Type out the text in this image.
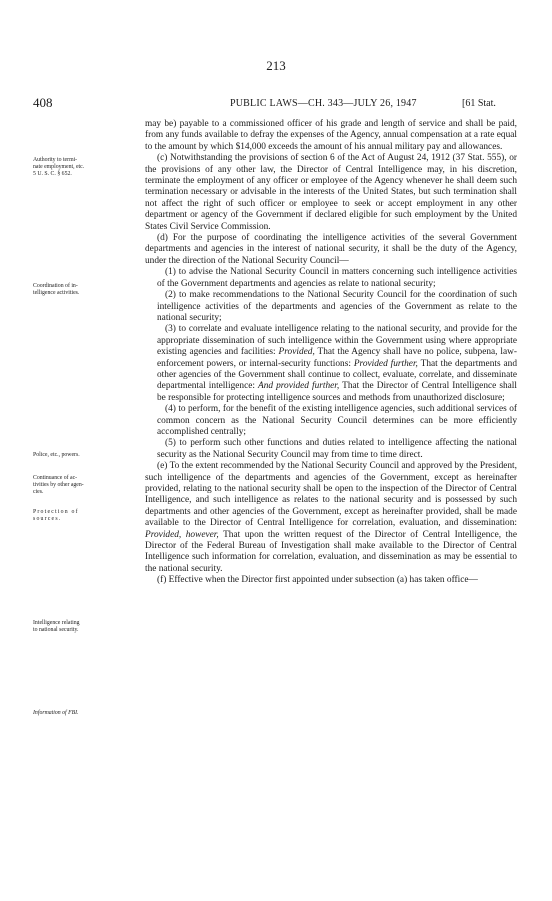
213
408	PUBLIC LAWS—CH. 343—JULY 26, 1947	[61 Stat.
Authority to termi-
nate employment, etc.
5 U. S. C. § 652.
Coordination of in-
telligence activities.
Police, etc., powers.
Continuance of ac-
tivities by other agen-
cies.
Protection of
sources.
Intelligence relating
to national security.
Information of FBI.

may be) payable to a commissioned officer of his grade and length of service and shall be paid, from any funds available to defray the expenses of the Agency, annual compensation at a rate equal to the amount by which $14,000 exceeds the amount of his annual military pay and allowances.

(c) Notwithstanding the provisions of section 6 of the Act of August 24, 1912 (37 Stat. 555), or the provisions of any other law, the Director of Central Intelligence may, in his discretion, terminate the employment of any officer or employee of the Agency whenever he shall deem such termination necessary or advisable in the interests of the United States, but such termination shall not affect the right of such officer or employee to seek or accept employment in any other department or agency of the Government if declared eligible for such employment by the United States Civil Service Commission.

(d) For the purpose of coordinating the intelligence activities of the several Government departments and agencies in the interest of national security, it shall be the duty of the Agency, under the direction of the National Security Council—

(1) to advise the National Security Council in matters concerning such intelligence activities of the Government departments and agencies as relate to national security;

(2) to make recommendations to the National Security Council for the coordination of such intelligence activities of the departments and agencies of the Government as relate to the national security;

(3) to correlate and evaluate intelligence relating to the national security, and provide for the appropriate dissemination of such intelligence within the Government using where appropriate existing agencies and facilities: Provided, That the Agency shall have no police, subpena, law-enforcement powers, or internal-security functions: Provided further, That the departments and other agencies of the Government shall continue to collect, evaluate, correlate, and disseminate departmental intelligence: And provided further, That the Director of Central Intelligence shall be responsible for protecting intelligence sources and methods from unauthorized disclosure;

(4) to perform, for the benefit of the existing intelligence agencies, such additional services of common concern as the National Security Council determines can be more efficiently accomplished centrally;

(5) to perform such other functions and duties related to intelligence affecting the national security as the National Security Council may from time to time direct.

(e) To the extent recommended by the National Security Council and approved by the President, such intelligence of the departments and agencies of the Government, except as hereinafter provided, relating to the national security shall be open to the inspection of the Director of Central Intelligence, and such intelligence as relates to the national security and is possessed by such departments and other agencies of the Government, except as hereinafter provided, shall be made available to the Director of Central Intelligence for correlation, evaluation, and dissemination: Provided, however, That upon the written request of the Director of Central Intelligence, the Director of the Federal Bureau of Investigation shall make available to the Director of Central Intelligence such information for correlation, evaluation, and dissemination as may be essential to the national security.

(f) Effective when the Director first appointed under subsection (a) has taken office—
